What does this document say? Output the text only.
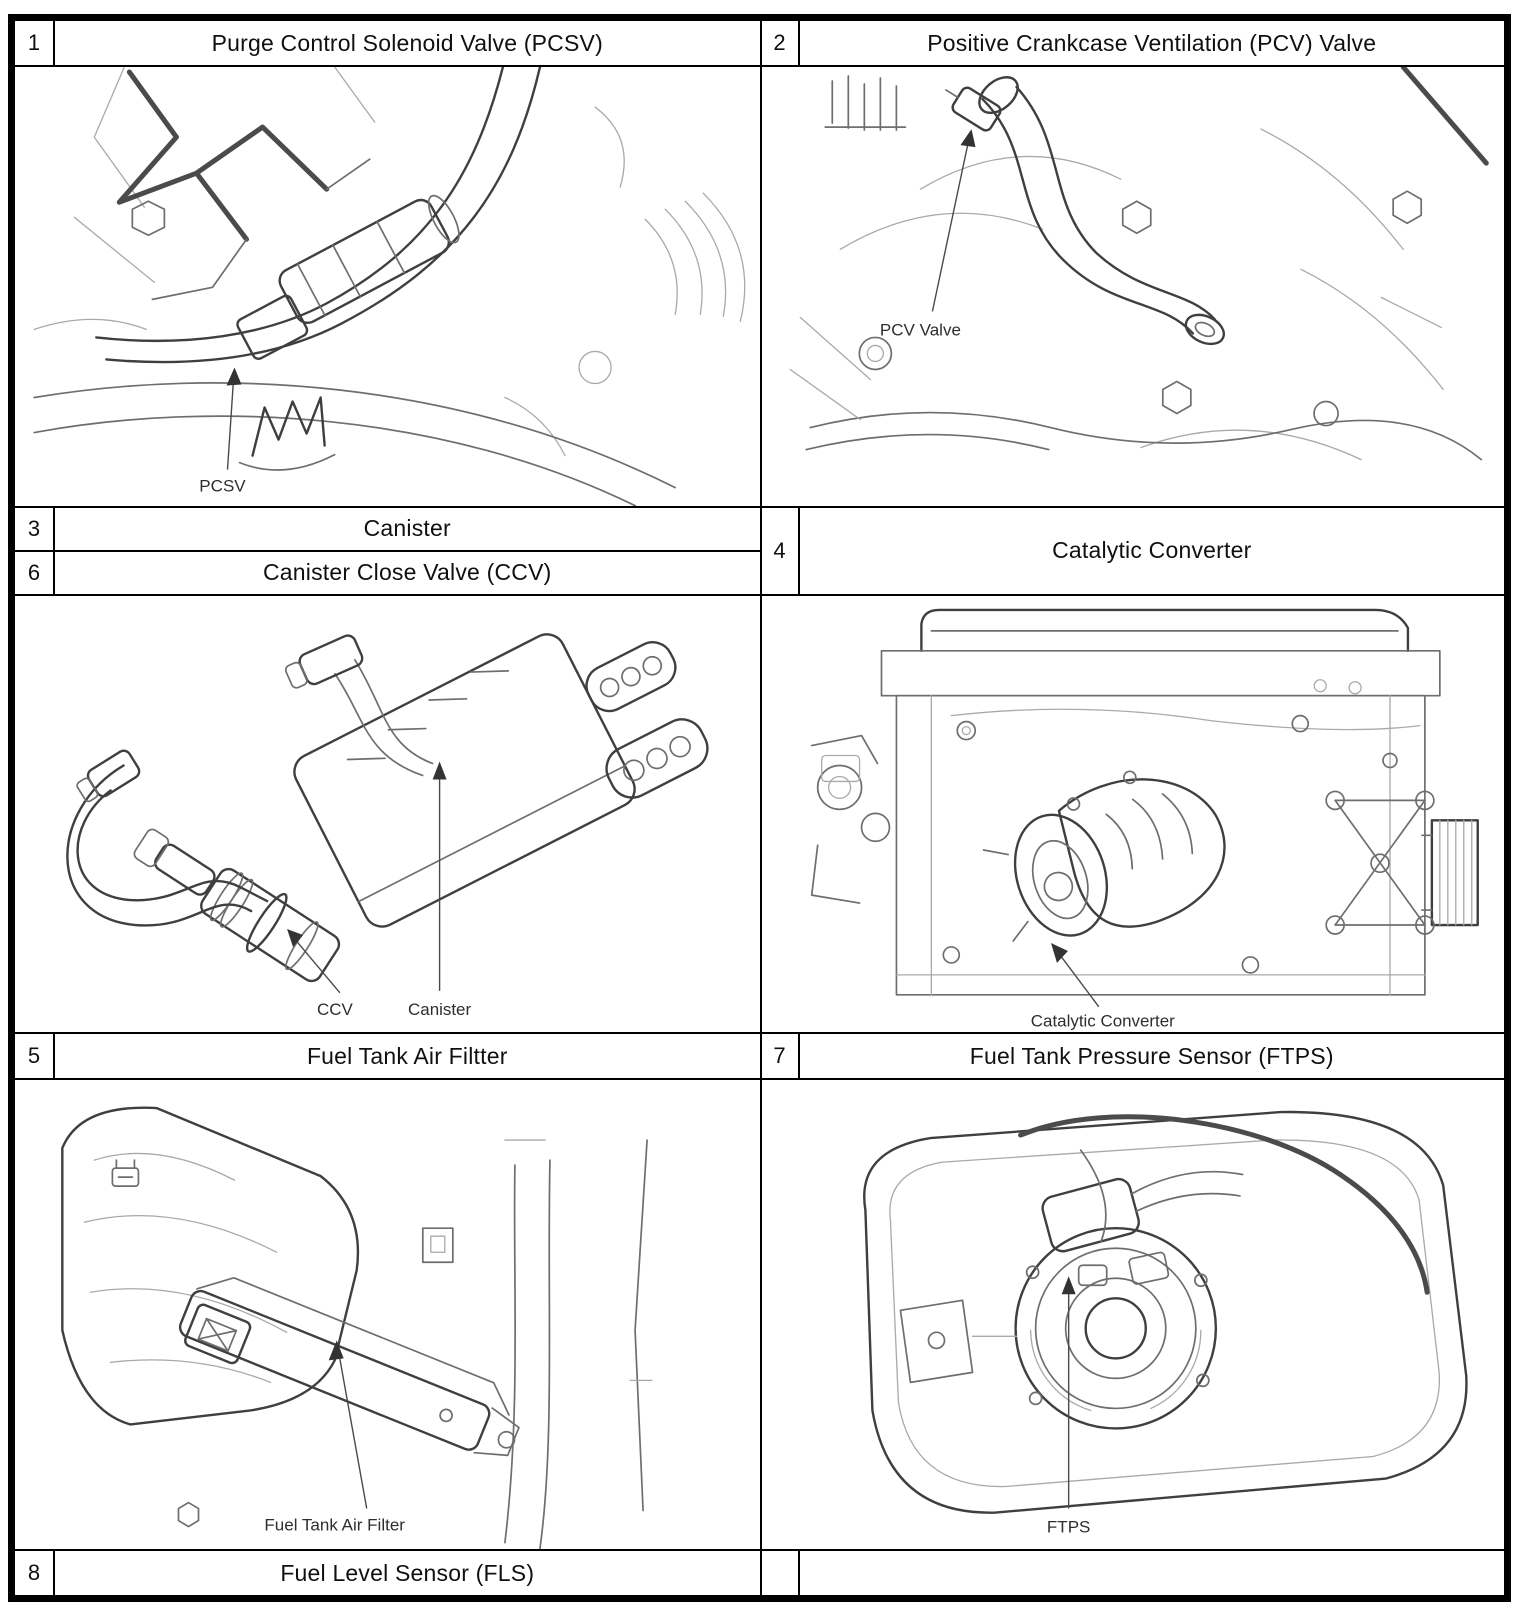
1	Purge Control Solenoid Valve (PCSV)	2	Positive Crankcase Ventilation (PCV) Valve
PCSV
PCV Valve
3	Canister
6	Canister Close Valve (CCV)
4	Catalytic Converter
CCV	Canister
Catalytic Converter
5	Fuel Tank Air Filtter	7	Fuel Tank Pressure Sensor (FTPS)
Fuel Tank Air Filter	FTPS
8	Fuel Level Sensor (FLS)
